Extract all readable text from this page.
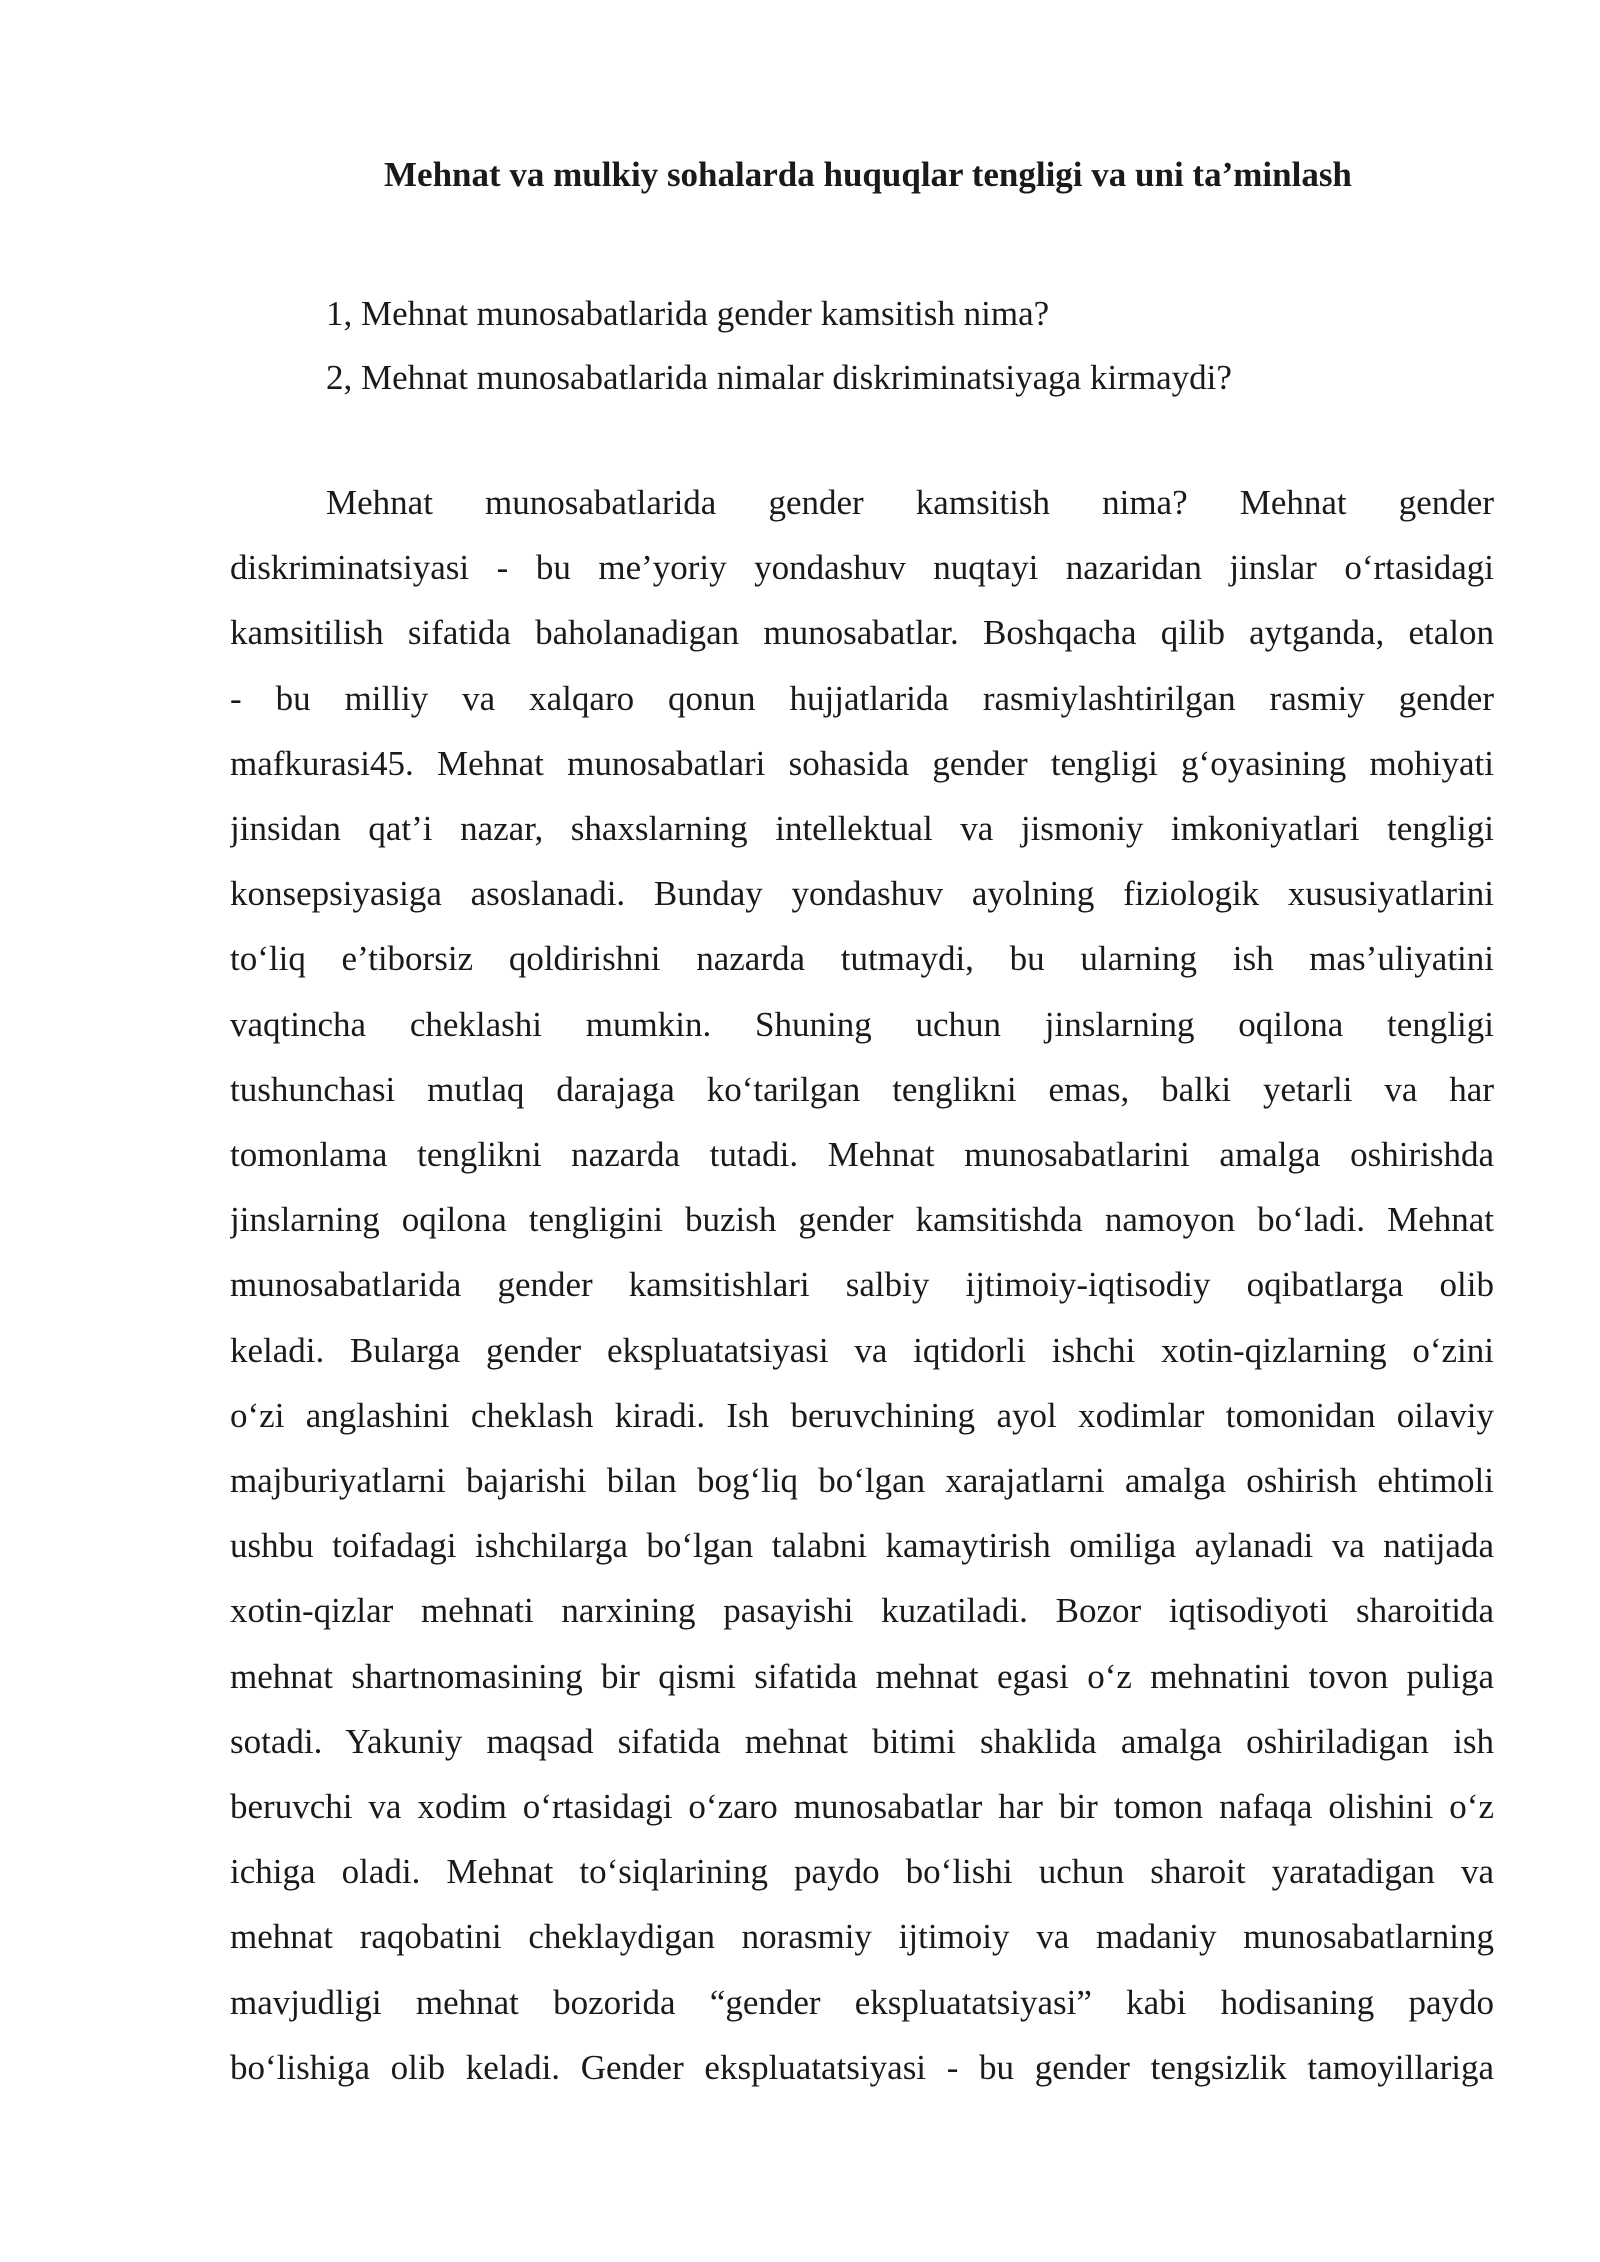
Mehnat va mulkiy sohalarda huquqlar tengligi va uni ta’minlash
1, Mehnat munosabatlarida gender kamsitish nima?
2, Mehnat munosabatlarida nimalar diskriminatsiyaga kirmaydi?

Mehnat munosabatlarida gender kamsitish nima? Mehnat gender
diskriminatsiyasi - bu me’yoriy yondashuv nuqtayi nazaridan jinslar o‘rtasidagi
kamsitilish sifatida baholanadigan munosabatlar. Boshqacha qilib aytganda, etalon
- bu milliy va xalqaro qonun hujjatlarida rasmiylashtirilgan rasmiy gender
mafkurasi45. Mehnat munosabatlari sohasida gender tengligi g‘oyasining mohiyati
jinsidan qat’i nazar, shaxslarning intellektual va jismoniy imkoniyatlari tengligi
konsepsiyasiga asoslanadi. Bunday yondashuv ayolning fiziologik xususiyatlarini
to‘liq e’tiborsiz qoldirishni nazarda tutmaydi, bu ularning ish mas’uliyatini
vaqtincha cheklashi mumkin. Shuning uchun jinslarning oqilona tengligi
tushunchasi mutlaq darajaga ko‘tarilgan tenglikni emas, balki yetarli va har
tomonlama tenglikni nazarda tutadi. Mehnat munosabatlarini amalga oshirishda
jinslarning oqilona tengligini buzish gender kamsitishda namoyon bo‘ladi. Mehnat
munosabatlarida gender kamsitishlari salbiy ijtimoiy-iqtisodiy oqibatlarga olib
keladi. Bularga gender ekspluatatsiyasi va iqtidorli ishchi xotin-qizlarning o‘zini
o‘zi anglashini cheklash kiradi. Ish beruvchining ayol xodimlar tomonidan oilaviy
majburiyatlarni bajarishi bilan bog‘liq bo‘lgan xarajatlarni amalga oshirish ehtimoli
ushbu toifadagi ishchilarga bo‘lgan talabni kamaytirish omiliga aylanadi va natijada
xotin-qizlar mehnati narxining pasayishi kuzatiladi. Bozor iqtisodiyoti sharoitida
mehnat shartnomasining bir qismi sifatida mehnat egasi o‘z mehnatini tovon puliga
sotadi. Yakuniy maqsad sifatida mehnat bitimi shaklida amalga oshiriladigan ish
beruvchi va xodim o‘rtasidagi o‘zaro munosabatlar har bir tomon nafaqa olishini o‘z
ichiga oladi. Mehnat to‘siqlarining paydo bo‘lishi uchun sharoit yaratadigan va
mehnat raqobatini cheklaydigan norasmiy ijtimoiy va madaniy munosabatlarning
mavjudligi mehnat bozorida “gender ekspluatatsiyasi” kabi hodisaning paydo
bo‘lishiga olib keladi. Gender ekspluatatsiyasi - bu gender tengsizlik tamoyillariga
